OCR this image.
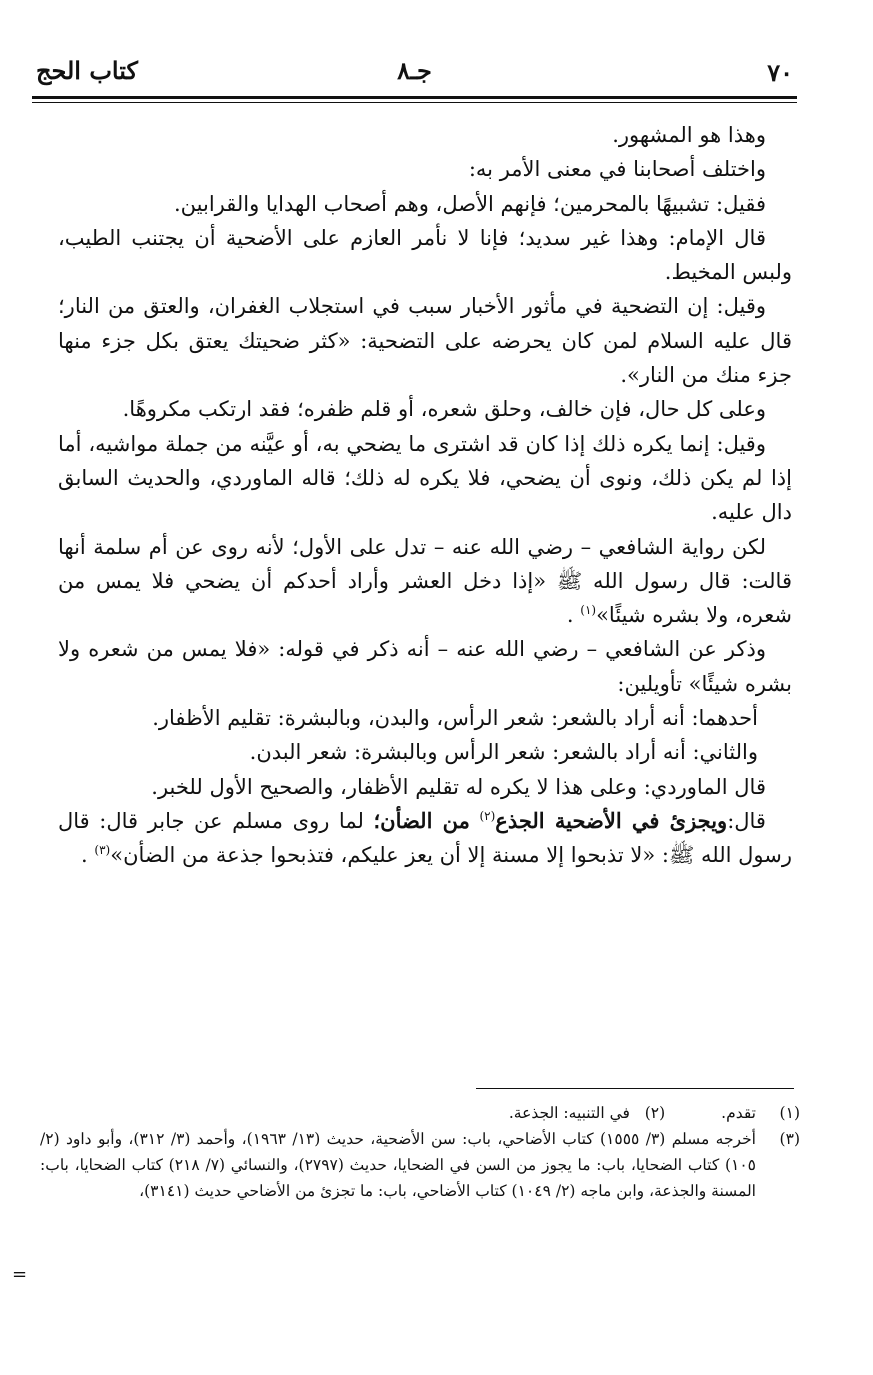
٧٠
جـ٨
كتاب الحج

وهذا هو المشهور.

واختلف أصحابنا في معنى الأمر به:

فقيل: تشبيهًا بالمحرمين؛ فإنهم الأصل، وهم أصحاب الهدايا والقرابين.

قال الإمام: وهذا غير سديد؛ فإنا لا نأمر العازم على الأضحية أن يجتنب الطيب، ولبس المخيط.

وقيل: إن التضحية في مأثور الأخبار سبب في استجلاب الغفران، والعتق من النار؛ قال عليه السلام لمن كان يحرضه على التضحية: «كثر ضحيتك يعتق بكل جزء منها جزء منك من النار».

وعلى كل حال، فإن خالف، وحلق شعره، أو قلم ظفره؛ فقد ارتكب مكروهًا.

وقيل: إنما يكره ذلك إذا كان قد اشترى ما يضحي به، أو عيَّنه من جملة مواشيه، أما إذا لم يكن ذلك، ونوى أن يضحي، فلا يكره له ذلك؛ قاله الماوردي، والحديث السابق دال عليه.

لكن رواية الشافعي – رضي الله عنه – تدل على الأول؛ لأنه روى عن أم سلمة أنها قالت: قال رسول الله ﷺ «إذا دخل العشر وأراد أحدكم أن يضحي فلا يمس من شعره، ولا بشره شيئًا»$^{(١)}$ .

وذكر عن الشافعي – رضي الله عنه – أنه ذكر في قوله: «فلا يمس من شعره ولا بشره شيئًا» تأويلين:

أحدهما: أنه أراد بالشعر: شعر الرأس، والبدن، وبالبشرة: تقليم الأظفار.

والثاني: أنه أراد بالشعر: شعر الرأس وبالبشرة: شعر البدن.

قال الماوردي: وعلى هذا لا يكره له تقليم الأظفار، والصحيح الأول للخبر.

قال:ويجزئ في الأضحية الجذع$^{(٢)}$ من الضأن؛ لما روى مسلم عن جابر قال: قال رسول الله ﷺ: «لا تذبحوا إلا مسنة إلا أن يعز عليكم، فتذبحوا جذعة من الضأن»$^{(٣)}$ .

(١)
تقدم.(٢)   في التنبيه: الجذعة.
(٣)
أخرجه مسلم (٣/ ١٥٥٥) كتاب الأضاحي، باب: سن الأضحية، حديث (١٣/ ١٩٦٣)، وأحمد (٣/ ٣١٢)، وأبو داود (٢/ ١٠٥) كتاب الضحايا، باب: ما يجوز من السن في الضحايا، حديث (٢٧٩٧)، والنسائي (٧/ ٢١٨) كتاب الضحايا، باب: المسنة والجذعة، وابن ماجه (٢/ ١٠٤٩) كتاب الأضاحي، باب: ما تجزئ من الأضاحي حديث (٣١٤١)،
=
